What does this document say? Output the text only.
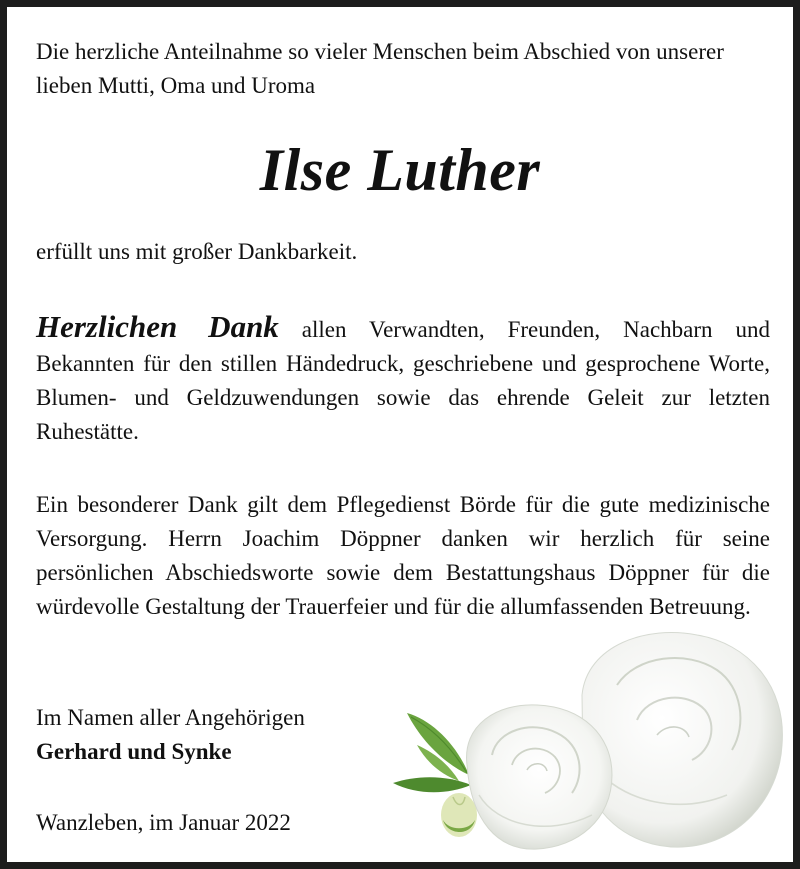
Die herzliche Anteilnahme so vieler Menschen beim Abschied von unserer lieben Mutti, Oma und Uroma

Ilse Luther

erfüllt uns mit großer Dankbarkeit.

Herzlichen Dank allen Verwandten, Freunden, Nachbarn und Bekannten für den stillen Händedruck, geschriebene und gesprochene Worte, Blumen- und Geldzuwendungen sowie das ehrende Geleit zur letzten Ruhestätte.

Ein besonderer Dank gilt dem Pflegedienst Börde für die gute medizinische Versorgung. Herrn Joachim Döppner danken wir herzlich für seine persönlichen Abschiedsworte sowie dem Bestattungshaus Döppner für die würdevolle Gestaltung der Trauerfeier und für die allumfassenden Betreuung.

Im Namen aller Angehörigen
Gerhard und Synke

Wanzleben, im Januar 2022
